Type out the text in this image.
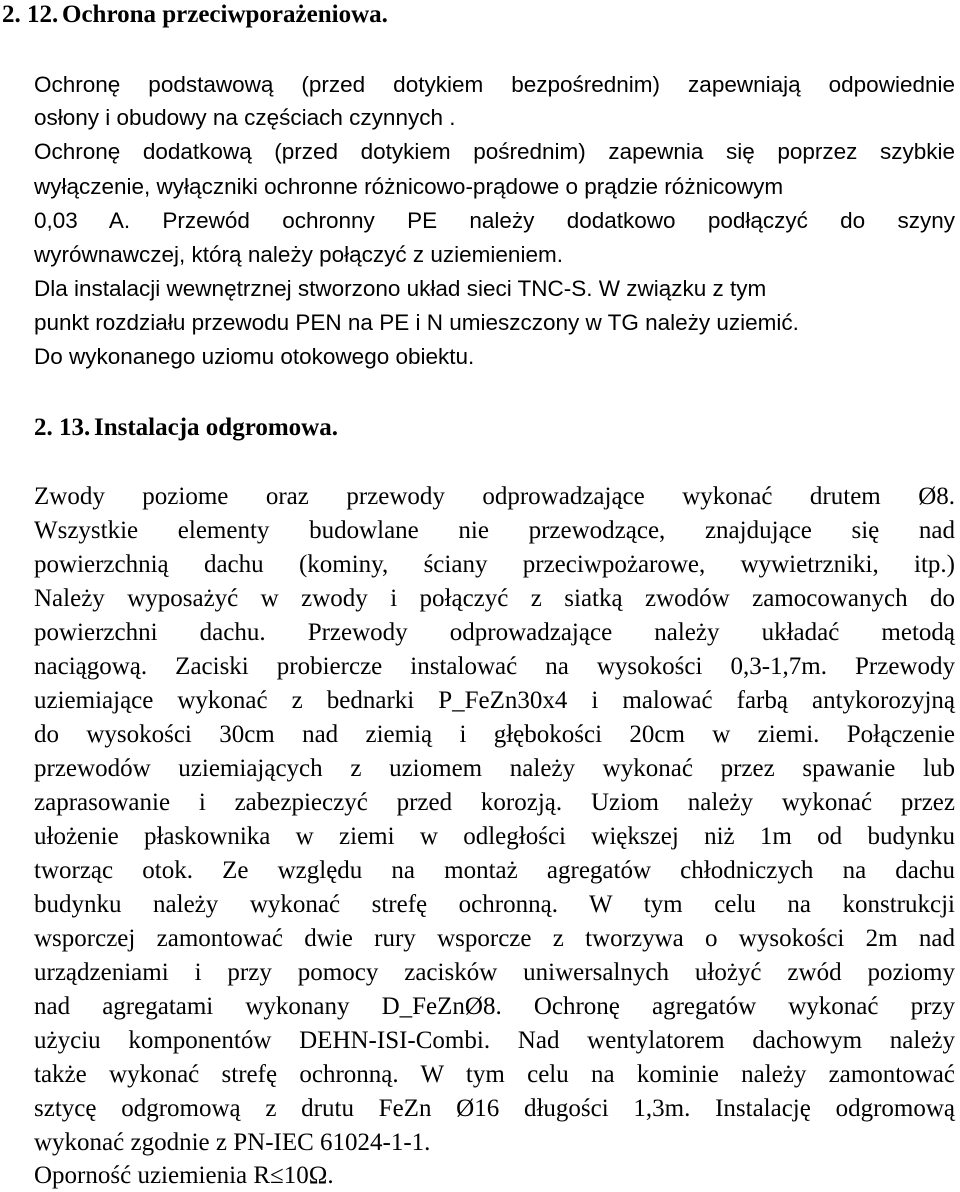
2. 12. Ochrona przeciwporażeniowa.
Ochronę podstawową (przed dotykiem bezpośrednim) zapewniają odpowiednie
osłony i obudowy na częściach czynnych .
Ochronę dodatkową (przed dotykiem pośrednim) zapewnia się poprzez szybkie
wyłączenie, wyłączniki ochronne różnicowo-prądowe o prądzie różnicowym
0,03 A. Przewód ochronny PE należy dodatkowo podłączyć do szyny
wyrównawczej, którą należy połączyć z uziemieniem.
Dla instalacji wewnętrznej stworzono układ sieci TNC-S. W związku z tym
punkt rozdziału przewodu PEN na PE i N umieszczony w TG należy uziemić.
Do wykonanego uziomu otokowego obiektu.
2. 13. Instalacja odgromowa.
Zwody poziome oraz przewody odprowadzające wykonać drutem Ø8.
Wszystkie elementy budowlane nie przewodzące, znajdujące się nad
powierzchnią dachu (kominy, ściany przeciwpożarowe, wywietrzniki, itp.)
Należy wyposażyć w zwody i połączyć z siatką zwodów zamocowanych do
powierzchni dachu. Przewody odprowadzające należy układać metodą
naciągową. Zaciski probiercze instalować na wysokości 0,3-1,7m. Przewody
uziemiające wykonać z bednarki P_FeZn30x4 i malować farbą antykorozyjną
do wysokości 30cm nad ziemią i głębokości 20cm w ziemi. Połączenie
przewodów uziemiających z uziomem należy wykonać przez spawanie lub
zaprasowanie i zabezpieczyć przed korozją. Uziom należy wykonać przez
ułożenie płaskownika w ziemi w odległości większej niż 1m od budynku
tworząc otok. Ze względu na montaż agregatów chłodniczych na dachu
budynku należy wykonać strefę ochronną. W tym celu na konstrukcji
wsporczej zamontować dwie rury wsporcze z tworzywa o wysokości 2m nad
urządzeniami i przy pomocy zacisków uniwersalnych ułożyć zwód poziomy
nad agregatami wykonany D_FeZnØ8. Ochronę agregatów wykonać przy
użyciu komponentów DEHN-ISI-Combi. Nad wentylatorem dachowym należy
także wykonać strefę ochronną. W tym celu na kominie należy zamontować
sztycę odgromową z drutu FeZn Ø16 długości 1,3m. Instalację odgromową
wykonać zgodnie z PN-IEC 61024-1-1.
Oporność uziemienia R≤10Ω.
